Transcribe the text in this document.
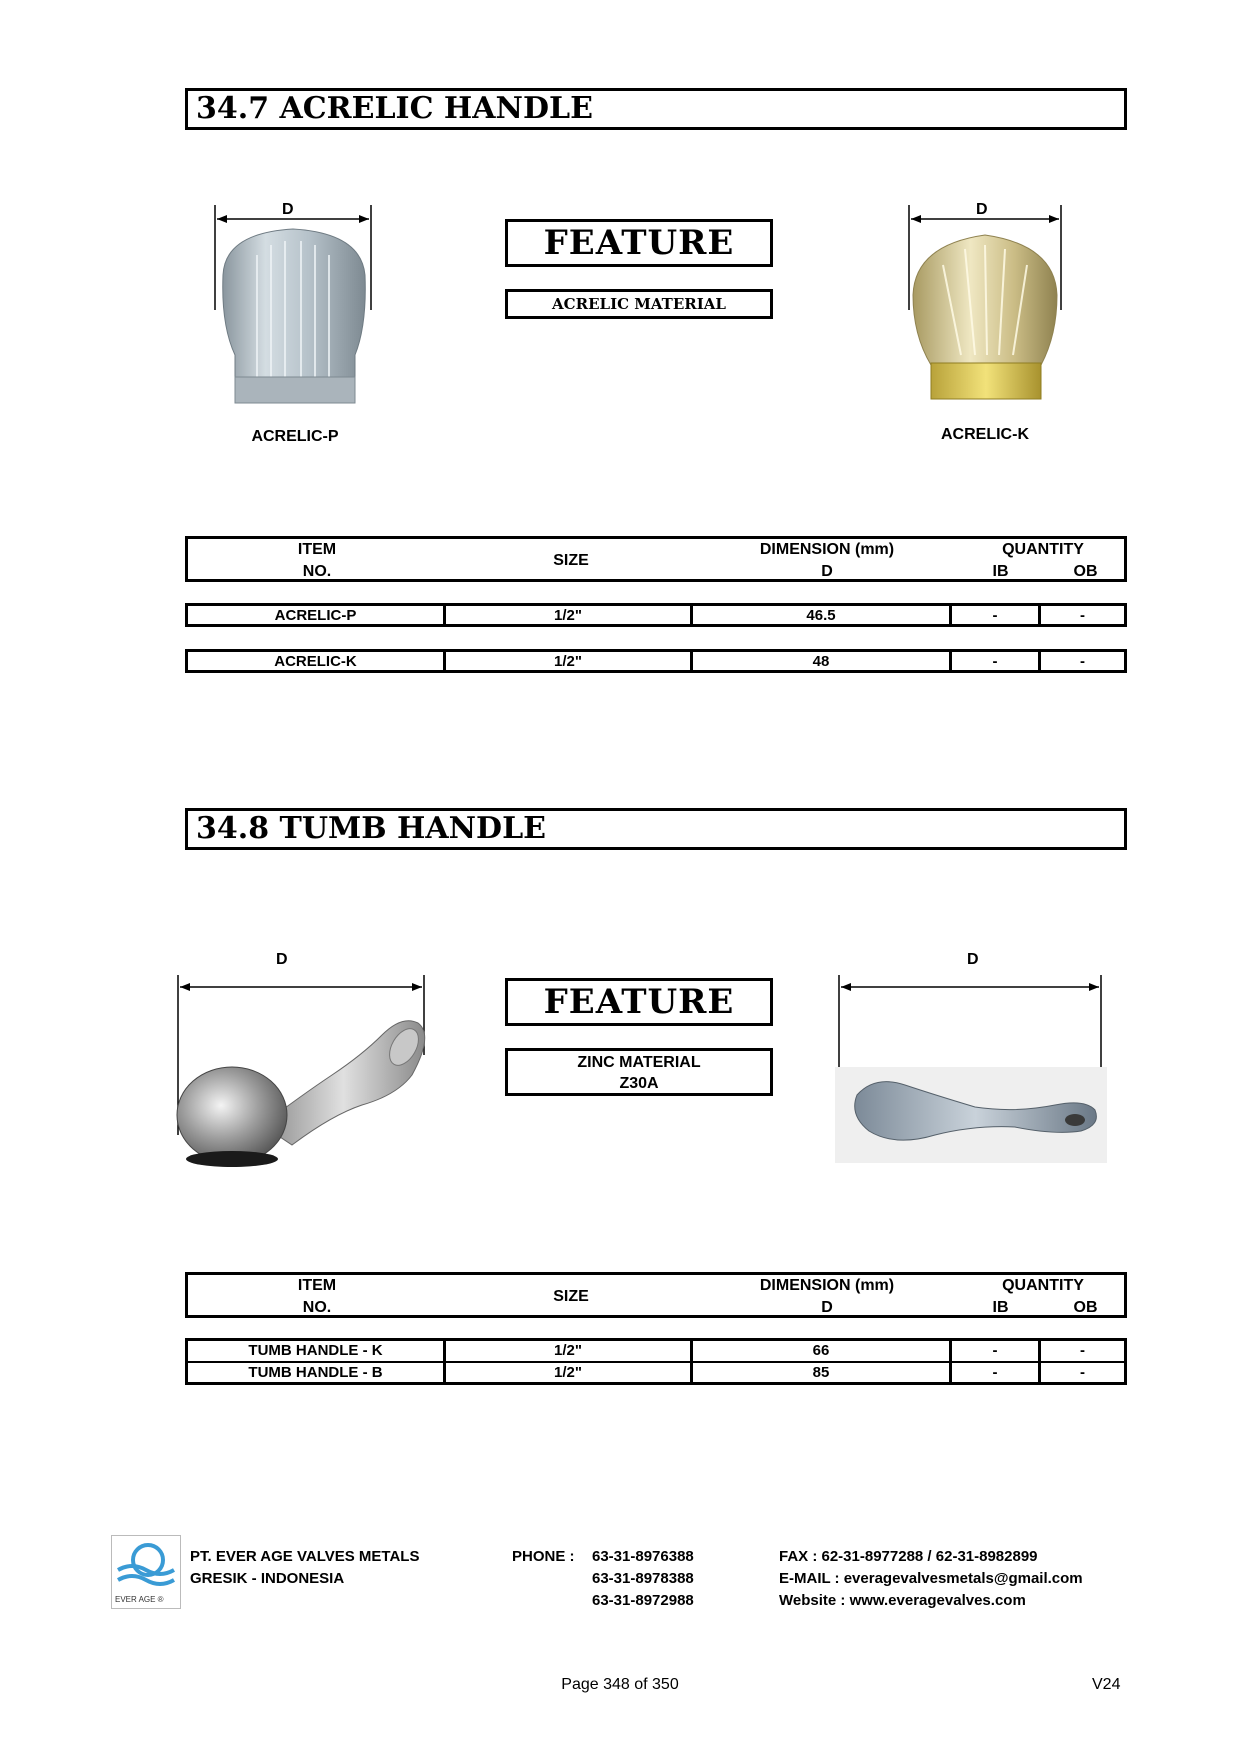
34.7 ACRELIC HANDLE
D
ACRELIC-P
FEATURE
ACRELIC MATERIAL
D
ACRELIC-K
ITEM
NO.
SIZE
DIMENSION (mm)
D
QUANTITY
IB	OB
ACRELIC-P	1/2"	46.5	-	-
ACRELIC-K	1/2"	48	-	-
34.8 TUMB HANDLE
D
FEATURE
ZINC MATERIAL
Z30A
D
ITEM
NO.
SIZE
DIMENSION (mm)
D
QUANTITY
IB	OB
TUMB HANDLE - K	1/2"	66	-	-
TUMB HANDLE - B	1/2"	85	-	-
EVER AGE ®
PT. EVER AGE VALVES METALS
GRESIK - INDONESIA
PHONE : 63-31-8976388
63-31-8978388
63-31-8972988
FAX : 62-31-8977288 / 62-31-8982899
E-MAIL : everagevalvesmetals@gmail.com
Website : www.everagevalves.com
Page 348 of 350	V24
